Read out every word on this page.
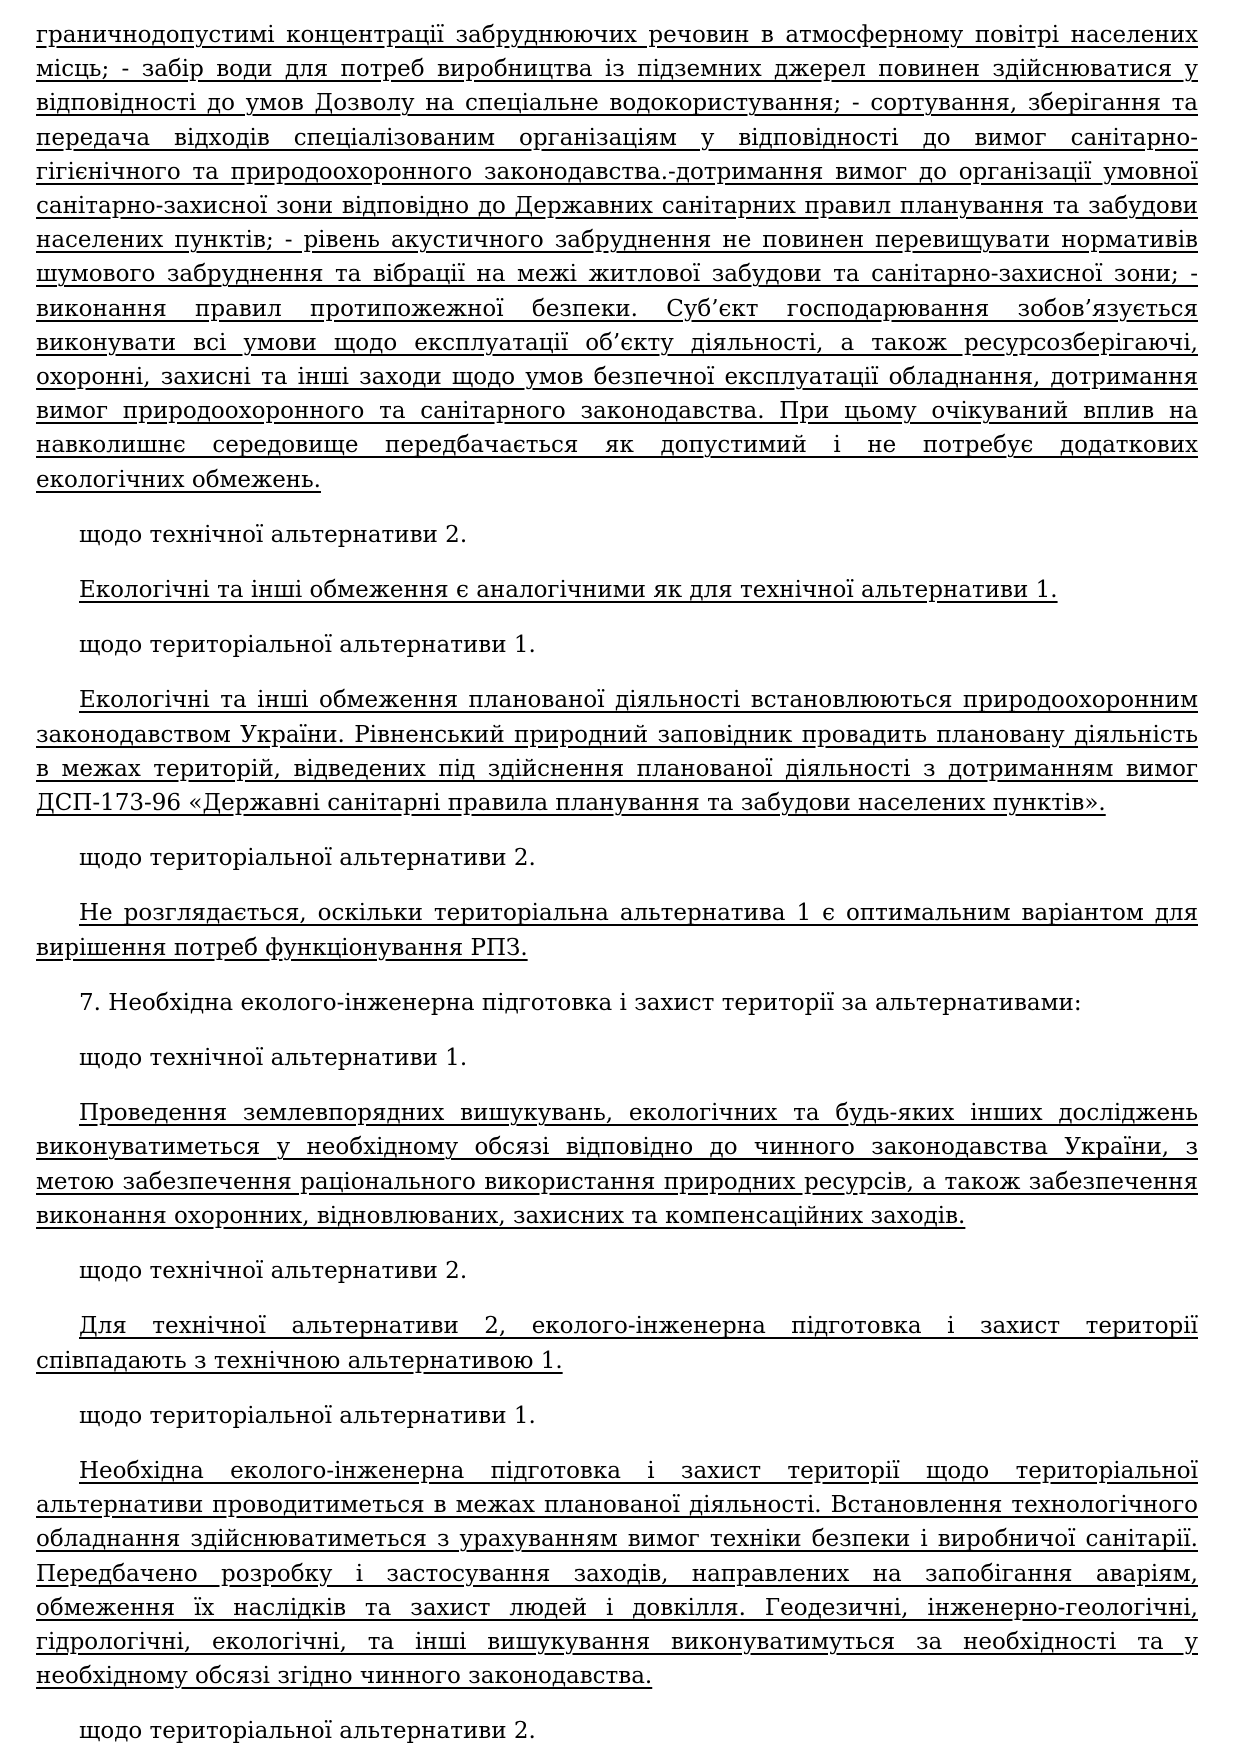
граничнодопустимі концентрації забруднюючих речовин в атмосферному повітрі населених місць; - забір води для потреб виробництва із підземних джерел повинен здійснюватися у відповідності до умов Дозволу на спеціальне водокористування; - сортування, зберігання та передача відходів спеціалізованим організаціям у відповідності до вимог санітарно-гігієнічного та природоохоронного законодавства.-дотримання вимог до організації умовної санітарно-захисної зони відповідно до Державних санітарних правил планування та забудови населених пунктів; - рівень акустичного забруднення не повинен перевищувати нормативів шумового забруднення та вібрації на межі житлової забудови та санітарно-захисної зони; - виконання правил протипожежної безпеки. Суб’єкт господарювання зобов’язується виконувати всі умови щодо експлуатації об’єкту діяльності, а також ресурсозберігаючі, охоронні, захисні та інші заходи щодо умов безпечної експлуатації обладнання, дотримання вимог природоохоронного та санітарного законодавства. При цьому очікуваний вплив на навколишнє середовище передбачається як допустимий і не потребує додаткових екологічних обмежень.

щодо технічної альтернативи 2.

Екологічні та інші обмеження є аналогічними як для технічної альтернативи 1.

щодо територіальної альтернативи 1.

Екологічні та інші обмеження планованої діяльності встановлюються природоохоронним законодавством України. Рівненський природний заповідник провадить плановану діяльність в межах територій, відведених під здійснення планованої діяльності з дотриманням вимог ДСП-173-96 «Державні санітарні правила планування та забудови населених пунктів».

щодо територіальної альтернативи 2.

Не розглядається, оскільки територіальна альтернатива 1 є оптимальним варіантом для вирішення потреб функціонування РПЗ.

7. Необхідна еколого-інженерна підготовка і захист території за альтернативами:

щодо технічної альтернативи 1.

Проведення землевпорядних вишукувань, екологічних та будь-яких інших досліджень виконуватиметься у необхідному обсязі відповідно до чинного законодавства України, з метою забезпечення раціонального використання природних ресурсів, а також забезпечення виконання охоронних, відновлюваних, захисних та компенсаційних заходів.

щодо технічної альтернативи 2.

Для технічної альтернативи 2, еколого-інженерна підготовка і захист території співпадають з технічною альтернативою 1.

щодо територіальної альтернативи 1.

Необхідна еколого-інженерна підготовка і захист території щодо територіальної альтернативи проводитиметься в межах планованої діяльності. Встановлення технологічного обладнання здійснюватиметься з урахуванням вимог техніки безпеки і виробничої санітарії. Передбачено розробку і застосування заходів, направлених на запобігання аваріям, обмеження їх наслідків та захист людей і довкілля. Геодезичні, інженерно-геологічні, гідрологічні, екологічні, та інші вишукування виконуватимуться за необхідності та у необхідному обсязі згідно чинного законодавства.

щодо територіальної альтернативи 2.
